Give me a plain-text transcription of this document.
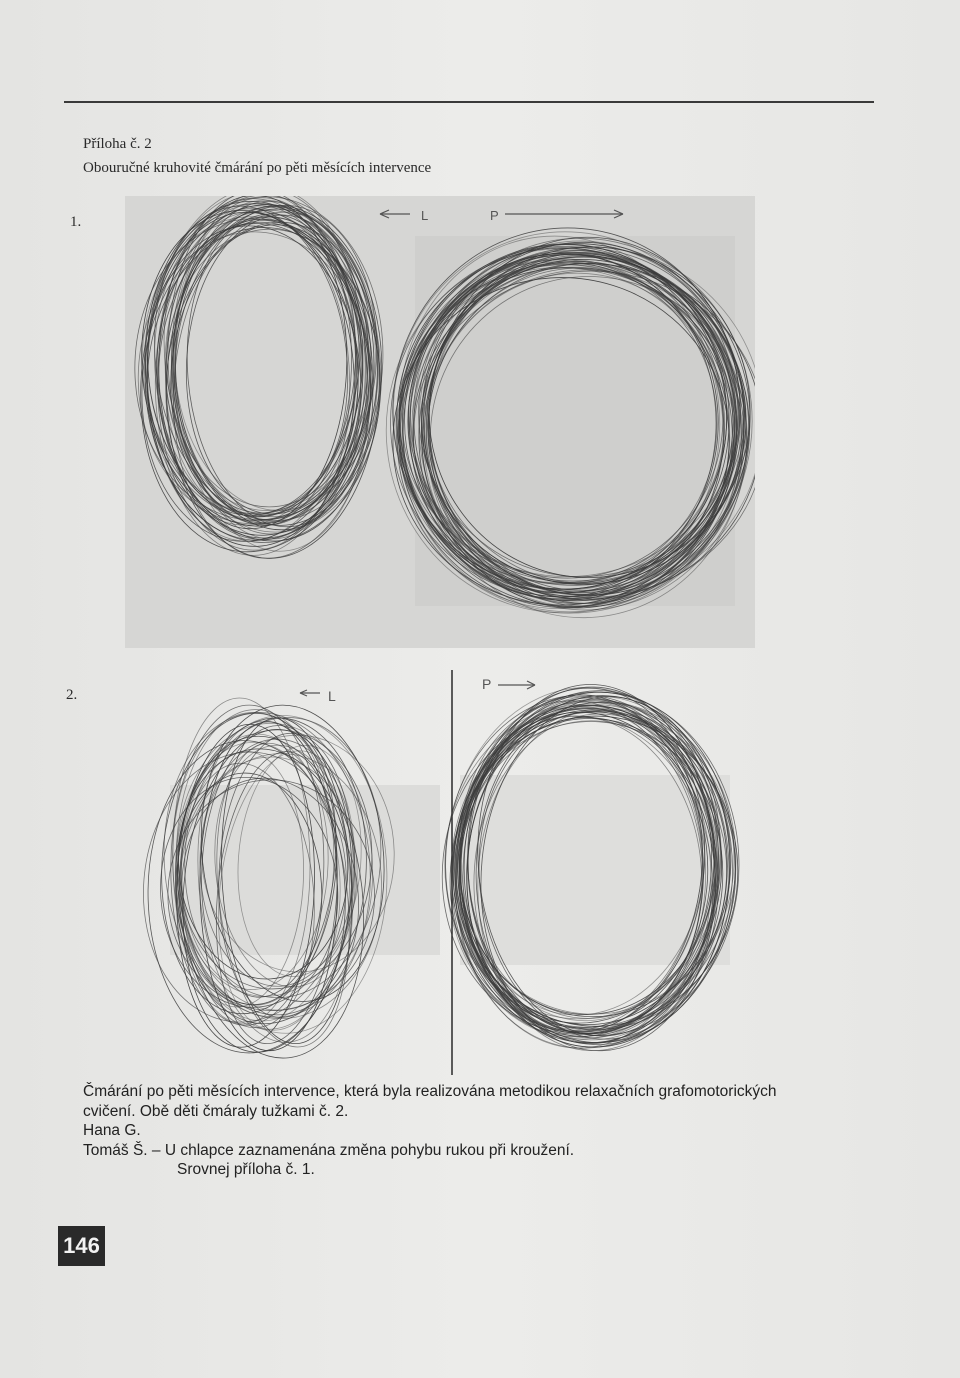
Příloha č. 2
Obouručné kruhovité čmárání po pěti měsících intervence
1.	L	P
2.	L
P

Čmárání po pěti měsících intervence, která byla realizována metodikou relaxačních grafomotorických

cvičení. Obě děti čmáraly tužkami č. 2.

Hana G.

Tomáš Š. – U chlapce zaznamenána změna pohybu rukou při kroužení.

Srovnej příloha č. 1.

146
